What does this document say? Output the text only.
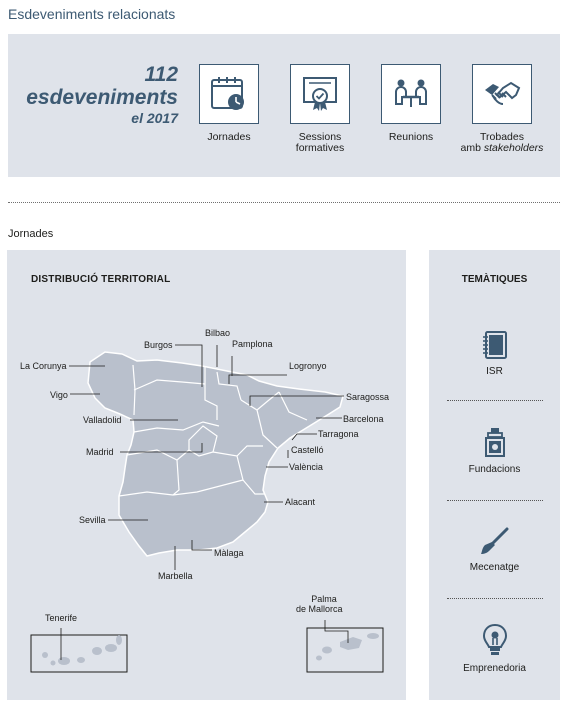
Esdeveniments relacionats
112
esdeveniments
el 2017
Jornades	Sessions
formatives
Reunions	Trobades
amb stakeholders
Jornades
DISTRIBUCIÓ TERRITORIAL
La Corunya
Vigo
Burgos
Bilbao
Pamplona
Logronyo
Saragossa
Barcelona
Tarragona
Castelló
València
Alacant
Valladolid
Madrid
Sevilla
Màlaga
Marbella
Tenerife
Palma
de Mallorca
TEMÀTIQUES
ISR
Fundacions
Mecenatge
Emprenedoria
